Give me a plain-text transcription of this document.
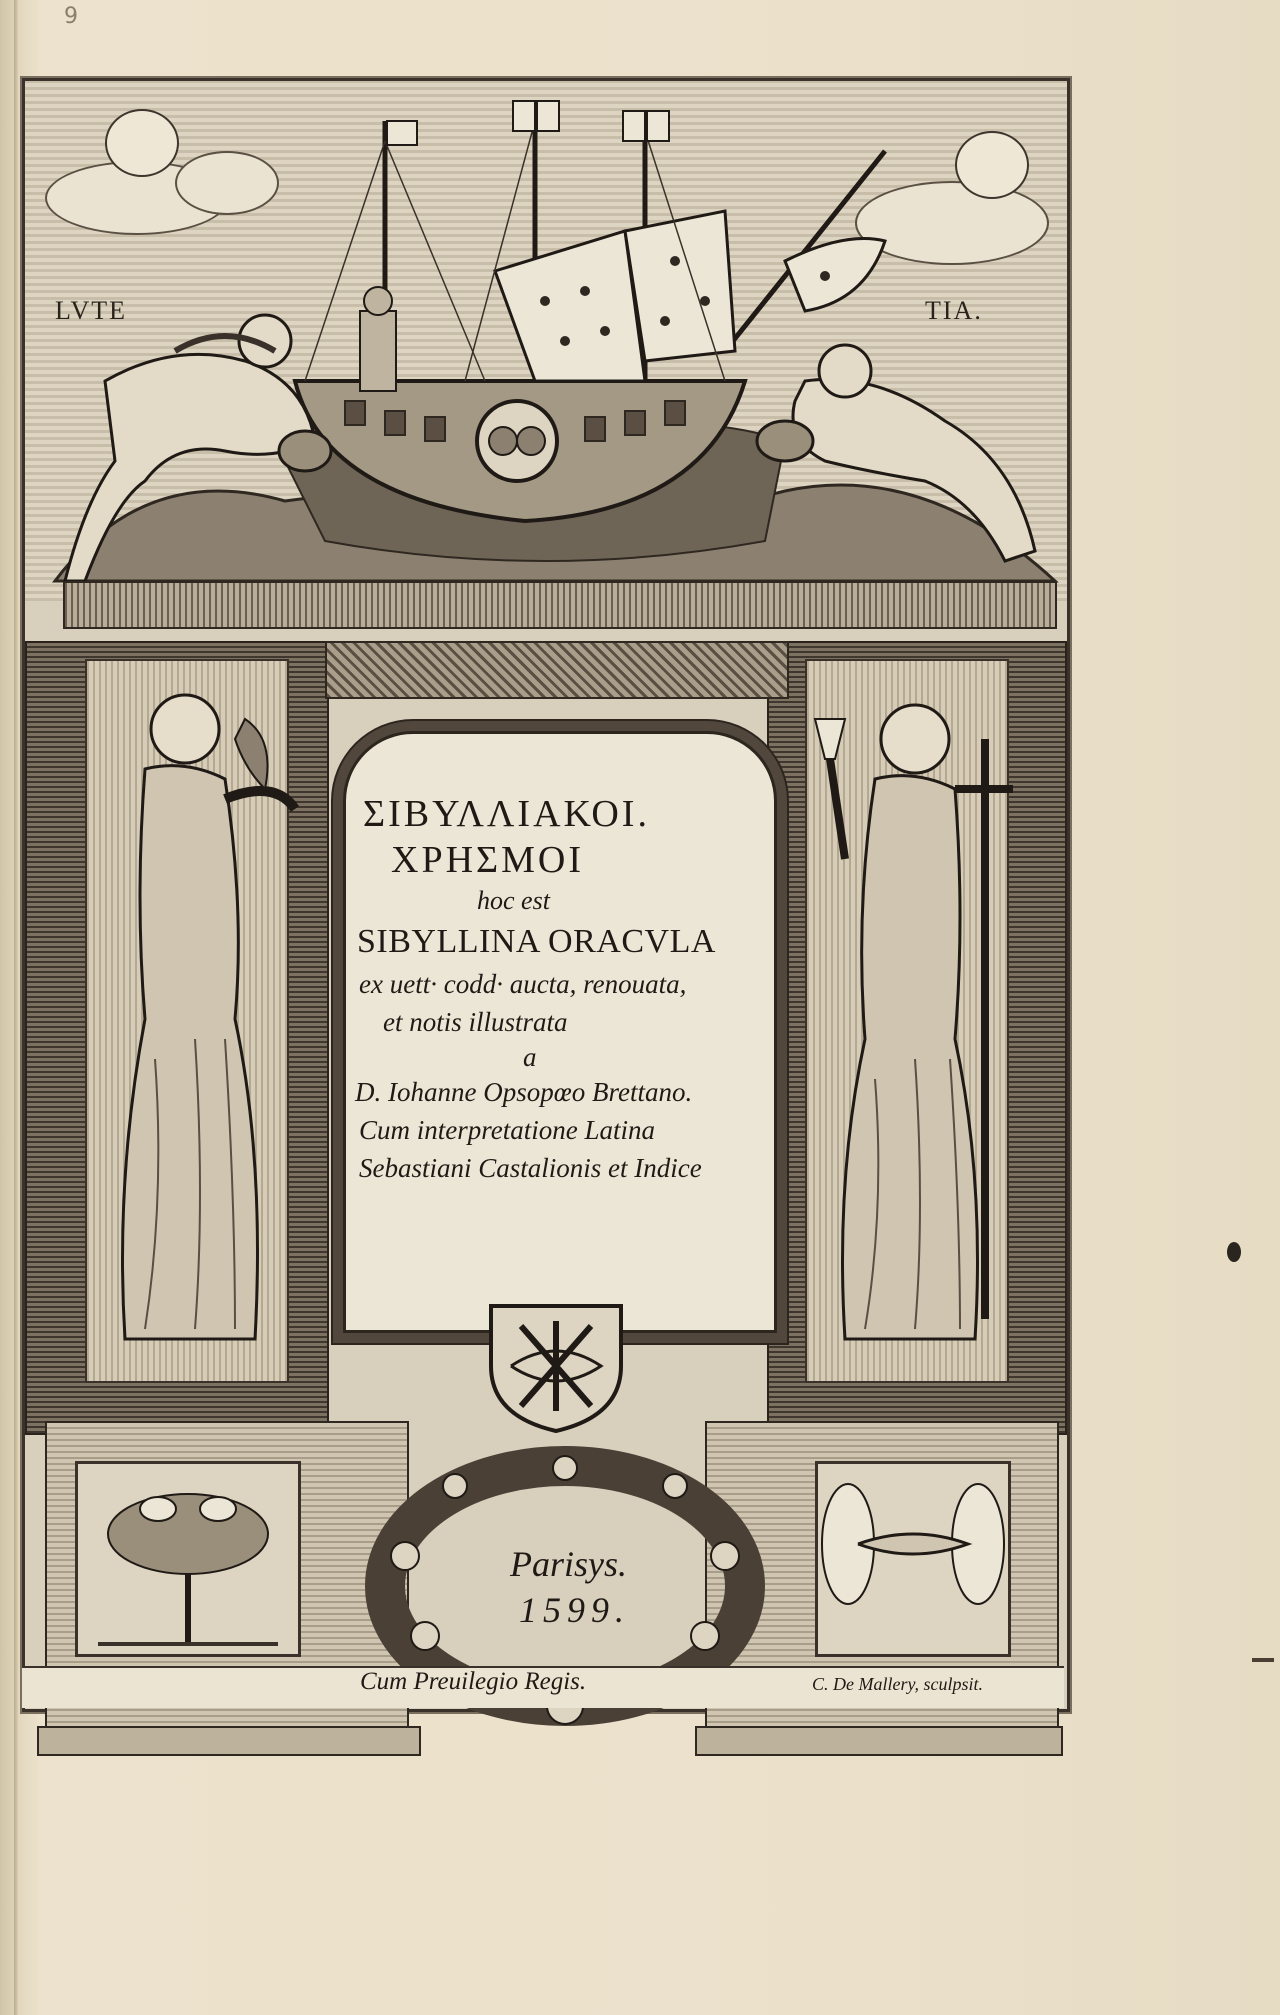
9
LVTE	TIA.
ΣΙΒΥΛΛΙΑΚΟΙ.
ΧΡΗΣΜΟΙ
hoc est
SIBYLLINA ORACVLA
ex uett· codd· aucta, renouata,
et notis illustrata
a
D. Iohanne Opsopœo Brettano.
Cum interpretatione Latina
Sebastiani Castalionis et Indice
Parisys.
1599.
Cum Preuilegio Regis.	C. De Mallery, sculpsit.
